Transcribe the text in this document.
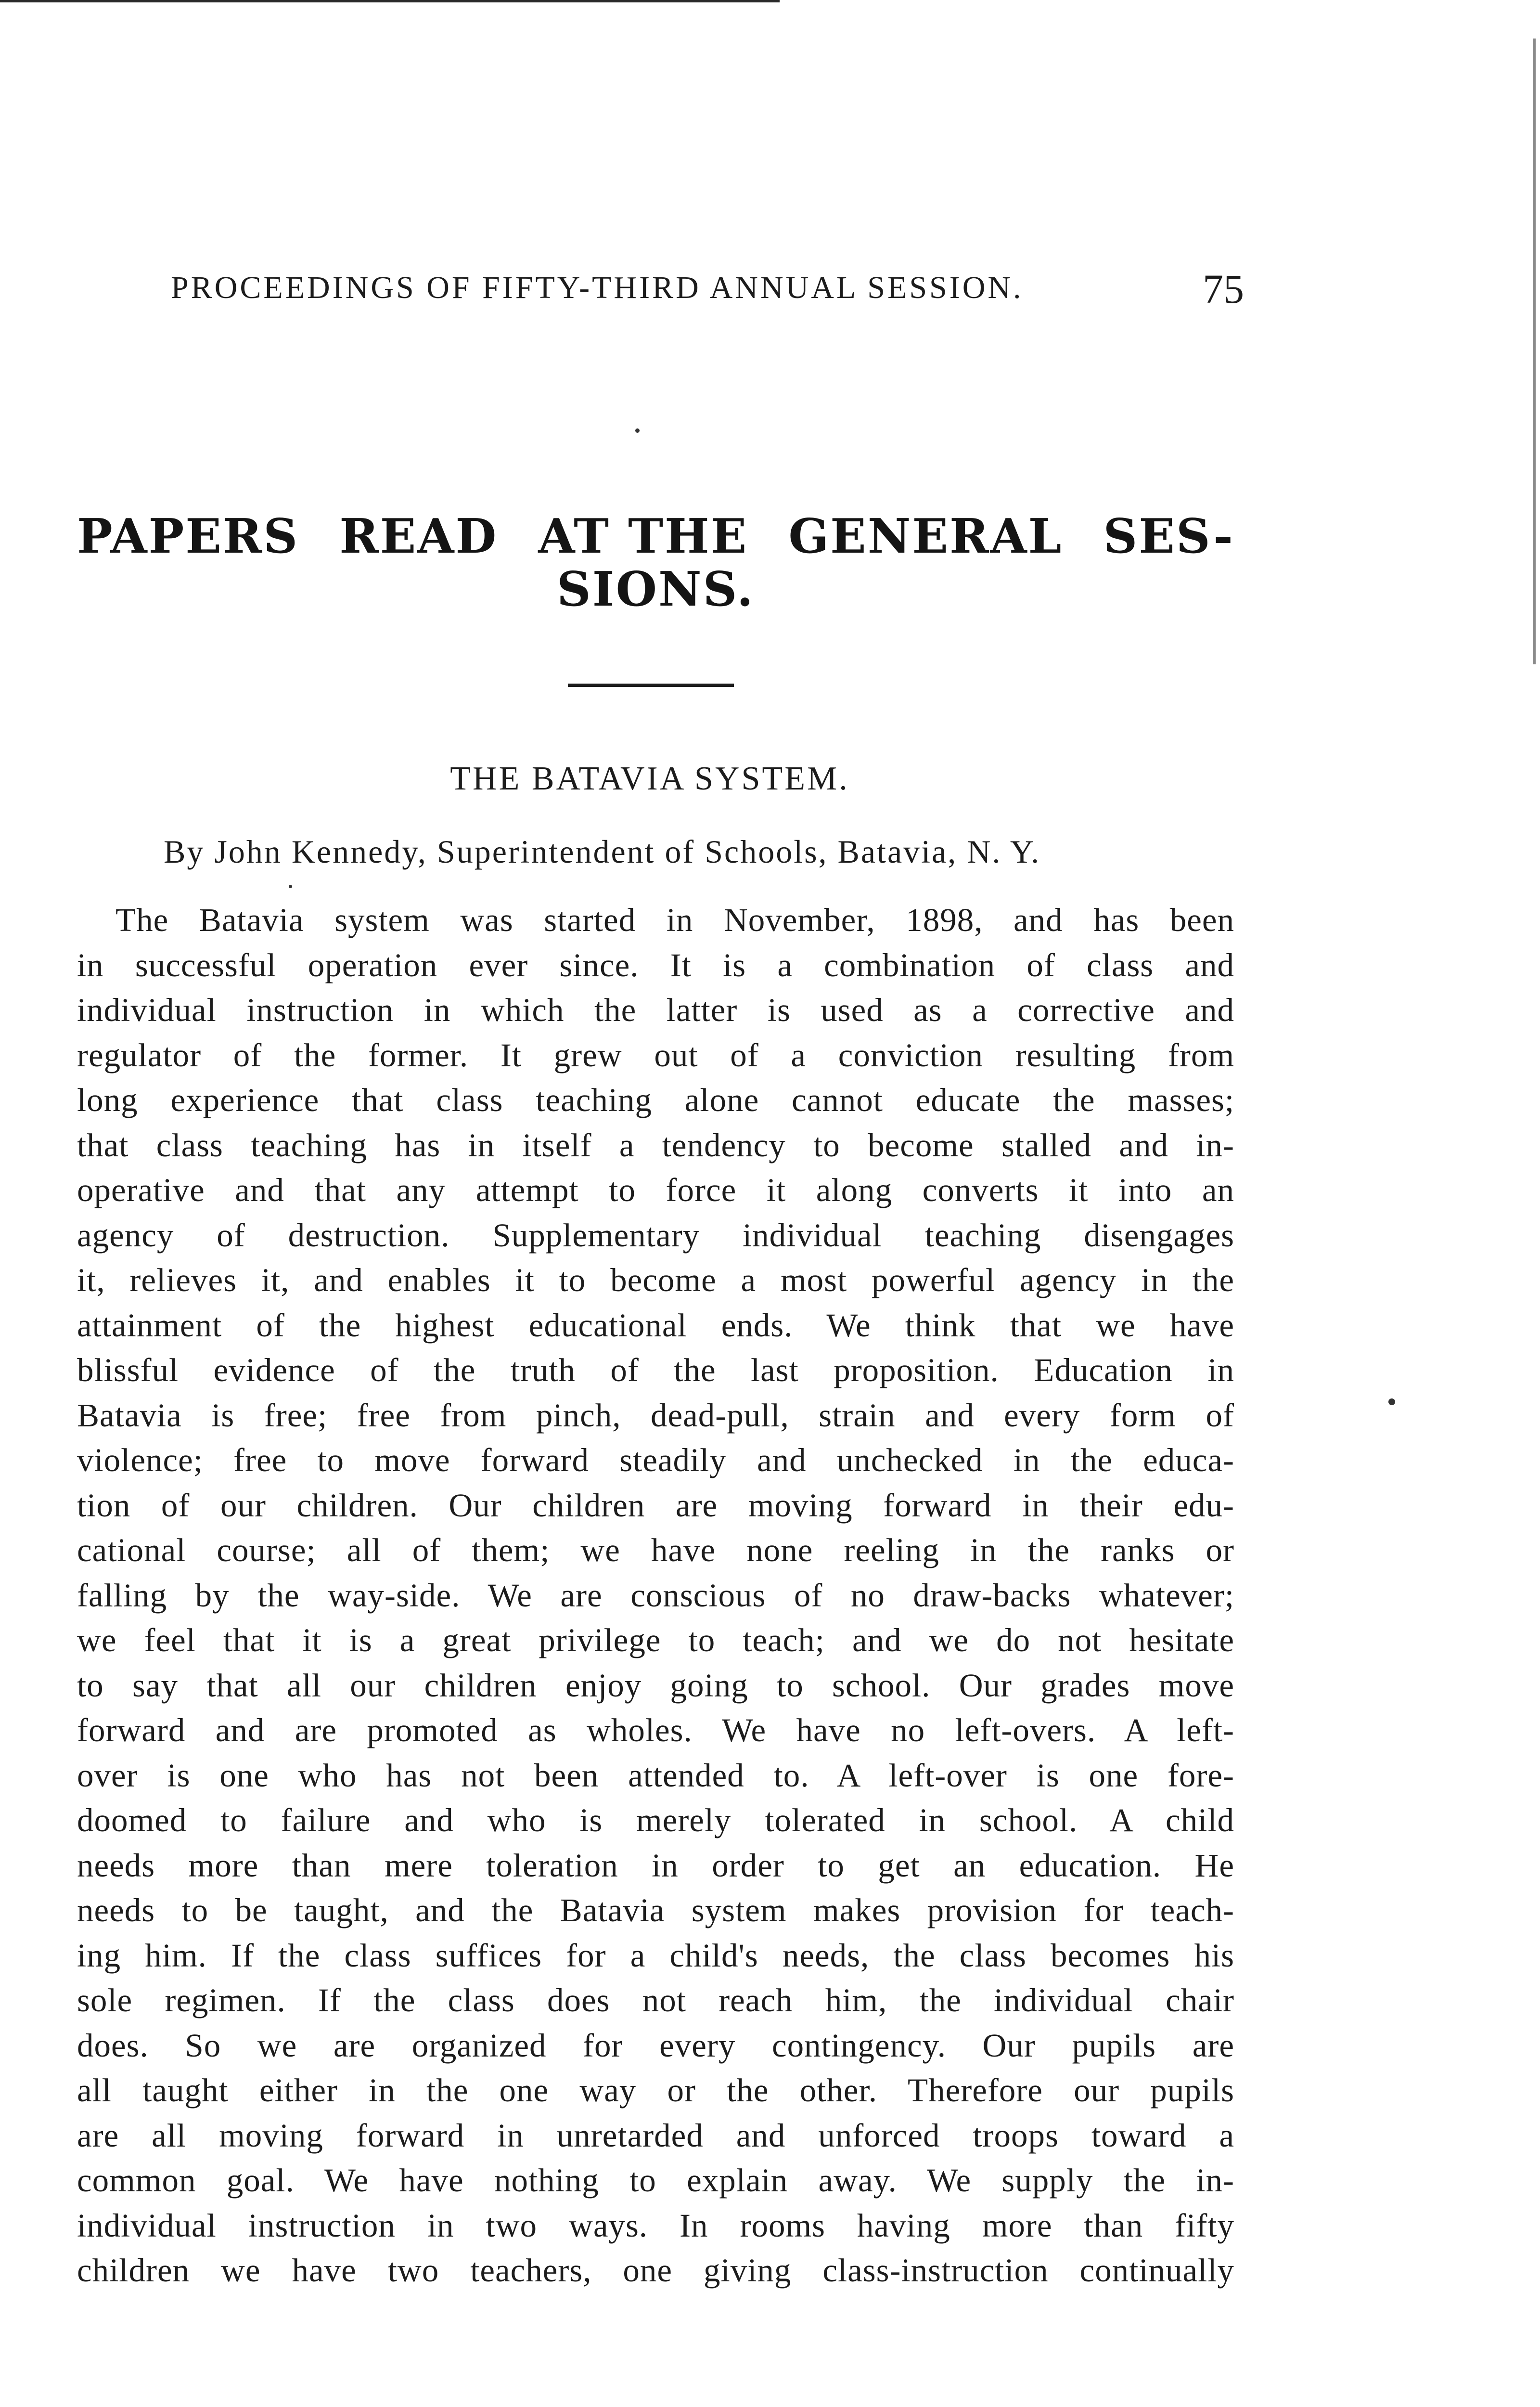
PROCEEDINGS OF FIFTY-THIRD ANNUAL SESSION.	75
PAPERS READ AT THE GENERAL SES-
SIONS.
THE BATAVIA SYSTEM.
By John Kennedy, Superintendent of Schools, Batavia, N. Y.
The Batavia system was started in November, 1898, and has been
in successful operation ever since. It is a combination of class and
individual instruction in which the latter is used as a corrective and
regulator of the former. It grew out of a conviction resulting from
long experience that class teaching alone cannot educate the masses;
that class teaching has in itself a tendency to become stalled and in-
operative and that any attempt to force it along converts it into an
agency of destruction. Supplementary individual teaching disengages
it, relieves it, and enables it to become a most powerful agency in the
attainment of the highest educational ends. We think that we have
blissful evidence of the truth of the last proposition. Education in
Batavia is free; free from pinch, dead-pull, strain and every form of
violence; free to move forward steadily and unchecked in the educa-
tion of our children. Our children are moving forward in their edu-
cational course; all of them; we have none reeling in the ranks or
falling by the way-side. We are conscious of no draw-backs whatever;
we feel that it is a great privilege to teach; and we do not hesitate
to say that all our children enjoy going to school. Our grades move
forward and are promoted as wholes. We have no left-overs. A left-
over is one who has not been attended to. A left-over is one fore-
doomed to failure and who is merely tolerated in school. A child
needs more than mere toleration in order to get an education. He
needs to be taught, and the Batavia system makes provision for teach-
ing him. If the class suffices for a child's needs, the class becomes his
sole regimen. If the class does not reach him, the individual chair
does. So we are organized for every contingency. Our pupils are
all taught either in the one way or the other. Therefore our pupils
are all moving forward in unretarded and unforced troops toward a
common goal. We have nothing to explain away. We supply the in-
individual instruction in two ways. In rooms having more than fifty
children we have two teachers, one giving class-instruction continually
